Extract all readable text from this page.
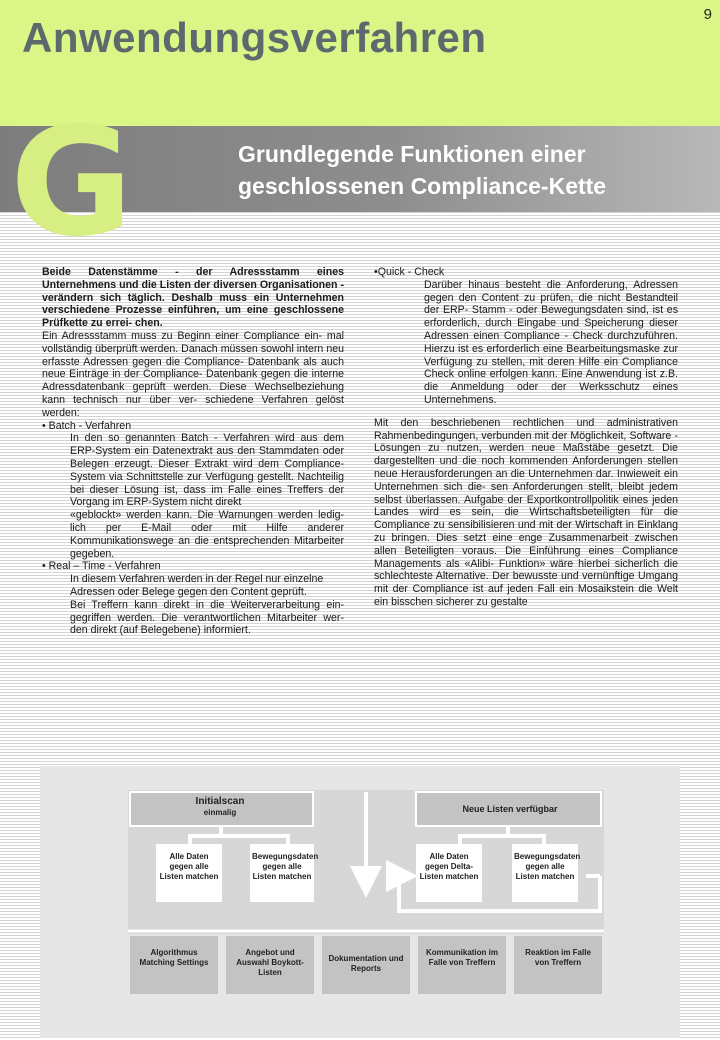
9
Anwendungsverfahren
G	Grundlegende Funktionen einer geschlossenen Compliance-Kette

Beide Datenstämme - der Adressstamm eines Unternehmens und die Listen der diversen Organisationen - verändern sich täglich. Deshalb muss ein Unternehmen verschiedene Prozesse einführen, um eine geschlossene Prüfkette zu errei- chen.

Ein Adressstamm muss zu Beginn einer Compliance ein- mal vollständig überprüft werden. Danach müssen sowohl intern neu erfasste Adressen gegen die Compliance- Datenbank als auch neue Einträge in der Compliance- Datenbank gegen die interne Adressdatenbank geprüft werden. Diese Wechselbeziehung kann technisch nur über ver- schiedene Verfahren gelöst werden:

• Batch - Verfahren

In den so genannten Batch - Verfahren wird aus dem ERP-System ein Datenextrakt aus den Stammdaten oder Belegen erzeugt. Dieser Extrakt wird dem Compliance-System via Schnittstelle zur Verfügung gestellt. Nachteilig bei dieser Lösung ist, dass im Falle eines Treffers der Vorgang im ERP-System nicht direkt

«geblockt» werden kann. Die Warnungen werden ledig- lich per E-Mail oder mit Hilfe anderer Kommunikationswege an die entsprechenden Mitarbeiter gegeben.

• Real – Time - Verfahren

In diesem Verfahren werden in der Regel nur einzelne

Adressen oder Belege gegen den Content geprüft.

Bei Treffern kann direkt in die Weiterverarbeitung ein- gegriffen werden. Die verantwortlichen Mitarbeiter wer- den direkt (auf Belegebene) informiert.

•Quick - Check

Darüber hinaus besteht die Anforderung, Adressen gegen den Content zu prüfen, die nicht Bestandteil der ERP- Stamm - oder Bewegungsdaten sind, ist es erforderlich, durch Eingabe und Speicherung dieser Adressen einen Compliance - Check durchzuführen. Hierzu ist es erforderlich eine Bearbeitungsmaske zur Verfügung zu stellen, mit deren Hilfe ein Compliance Check online erfolgen kann. Eine Anwendung ist z.B. die Anmeldung oder der Werksschutz eines Unternehmens.

Mit den beschriebenen rechtlichen und administrativen Rahmenbedingungen, verbunden mit der Möglichkeit, Software - Lösungen zu nutzen, werden neue Maßstäbe gesetzt. Die dargestellten und die noch kommenden Anforderungen stellen neue Herausforderungen an die Unternehmen dar. Inwieweit ein Unternehmen sich die- sen Anforderungen stellt, bleibt jedem selbst überlassen. Aufgabe der Exportkontrollpolitik eines jeden Landes wird es sein, die Wirtschaftsbeteiligten für die Compliance zu sensibilisieren und mit der Wirtschaft in Einklang zu bringen. Dies setzt eine enge Zusammenarbeit zwischen allen Beteiligten voraus. Die Einführung eines Compliance Managements als «Alibi- Funktion» wäre hierbei sicherlich die schlechteste Alternative. Der bewusste und vernünftige Umgang mit der Compliance ist auf jeden Fall ein Mosaikstein die Welt ein bisschen sicherer zu gestalte

Initialscan
einmalig	Neue Listen verfügbar
Alle Daten gegen alle Listen matchen
Bewegungsdaten gegen alle Listen matchen
Alle Daten gegen Delta-Listen matchen
Bewegungsdaten gegen alle Listen matchen
Algorithmus Matching Settings
Angebot und Auswahl Boykott-Listen
Dokumentation und Reports
Kommunikation im Falle von Treffern
Reaktion im Falle von Treffern
